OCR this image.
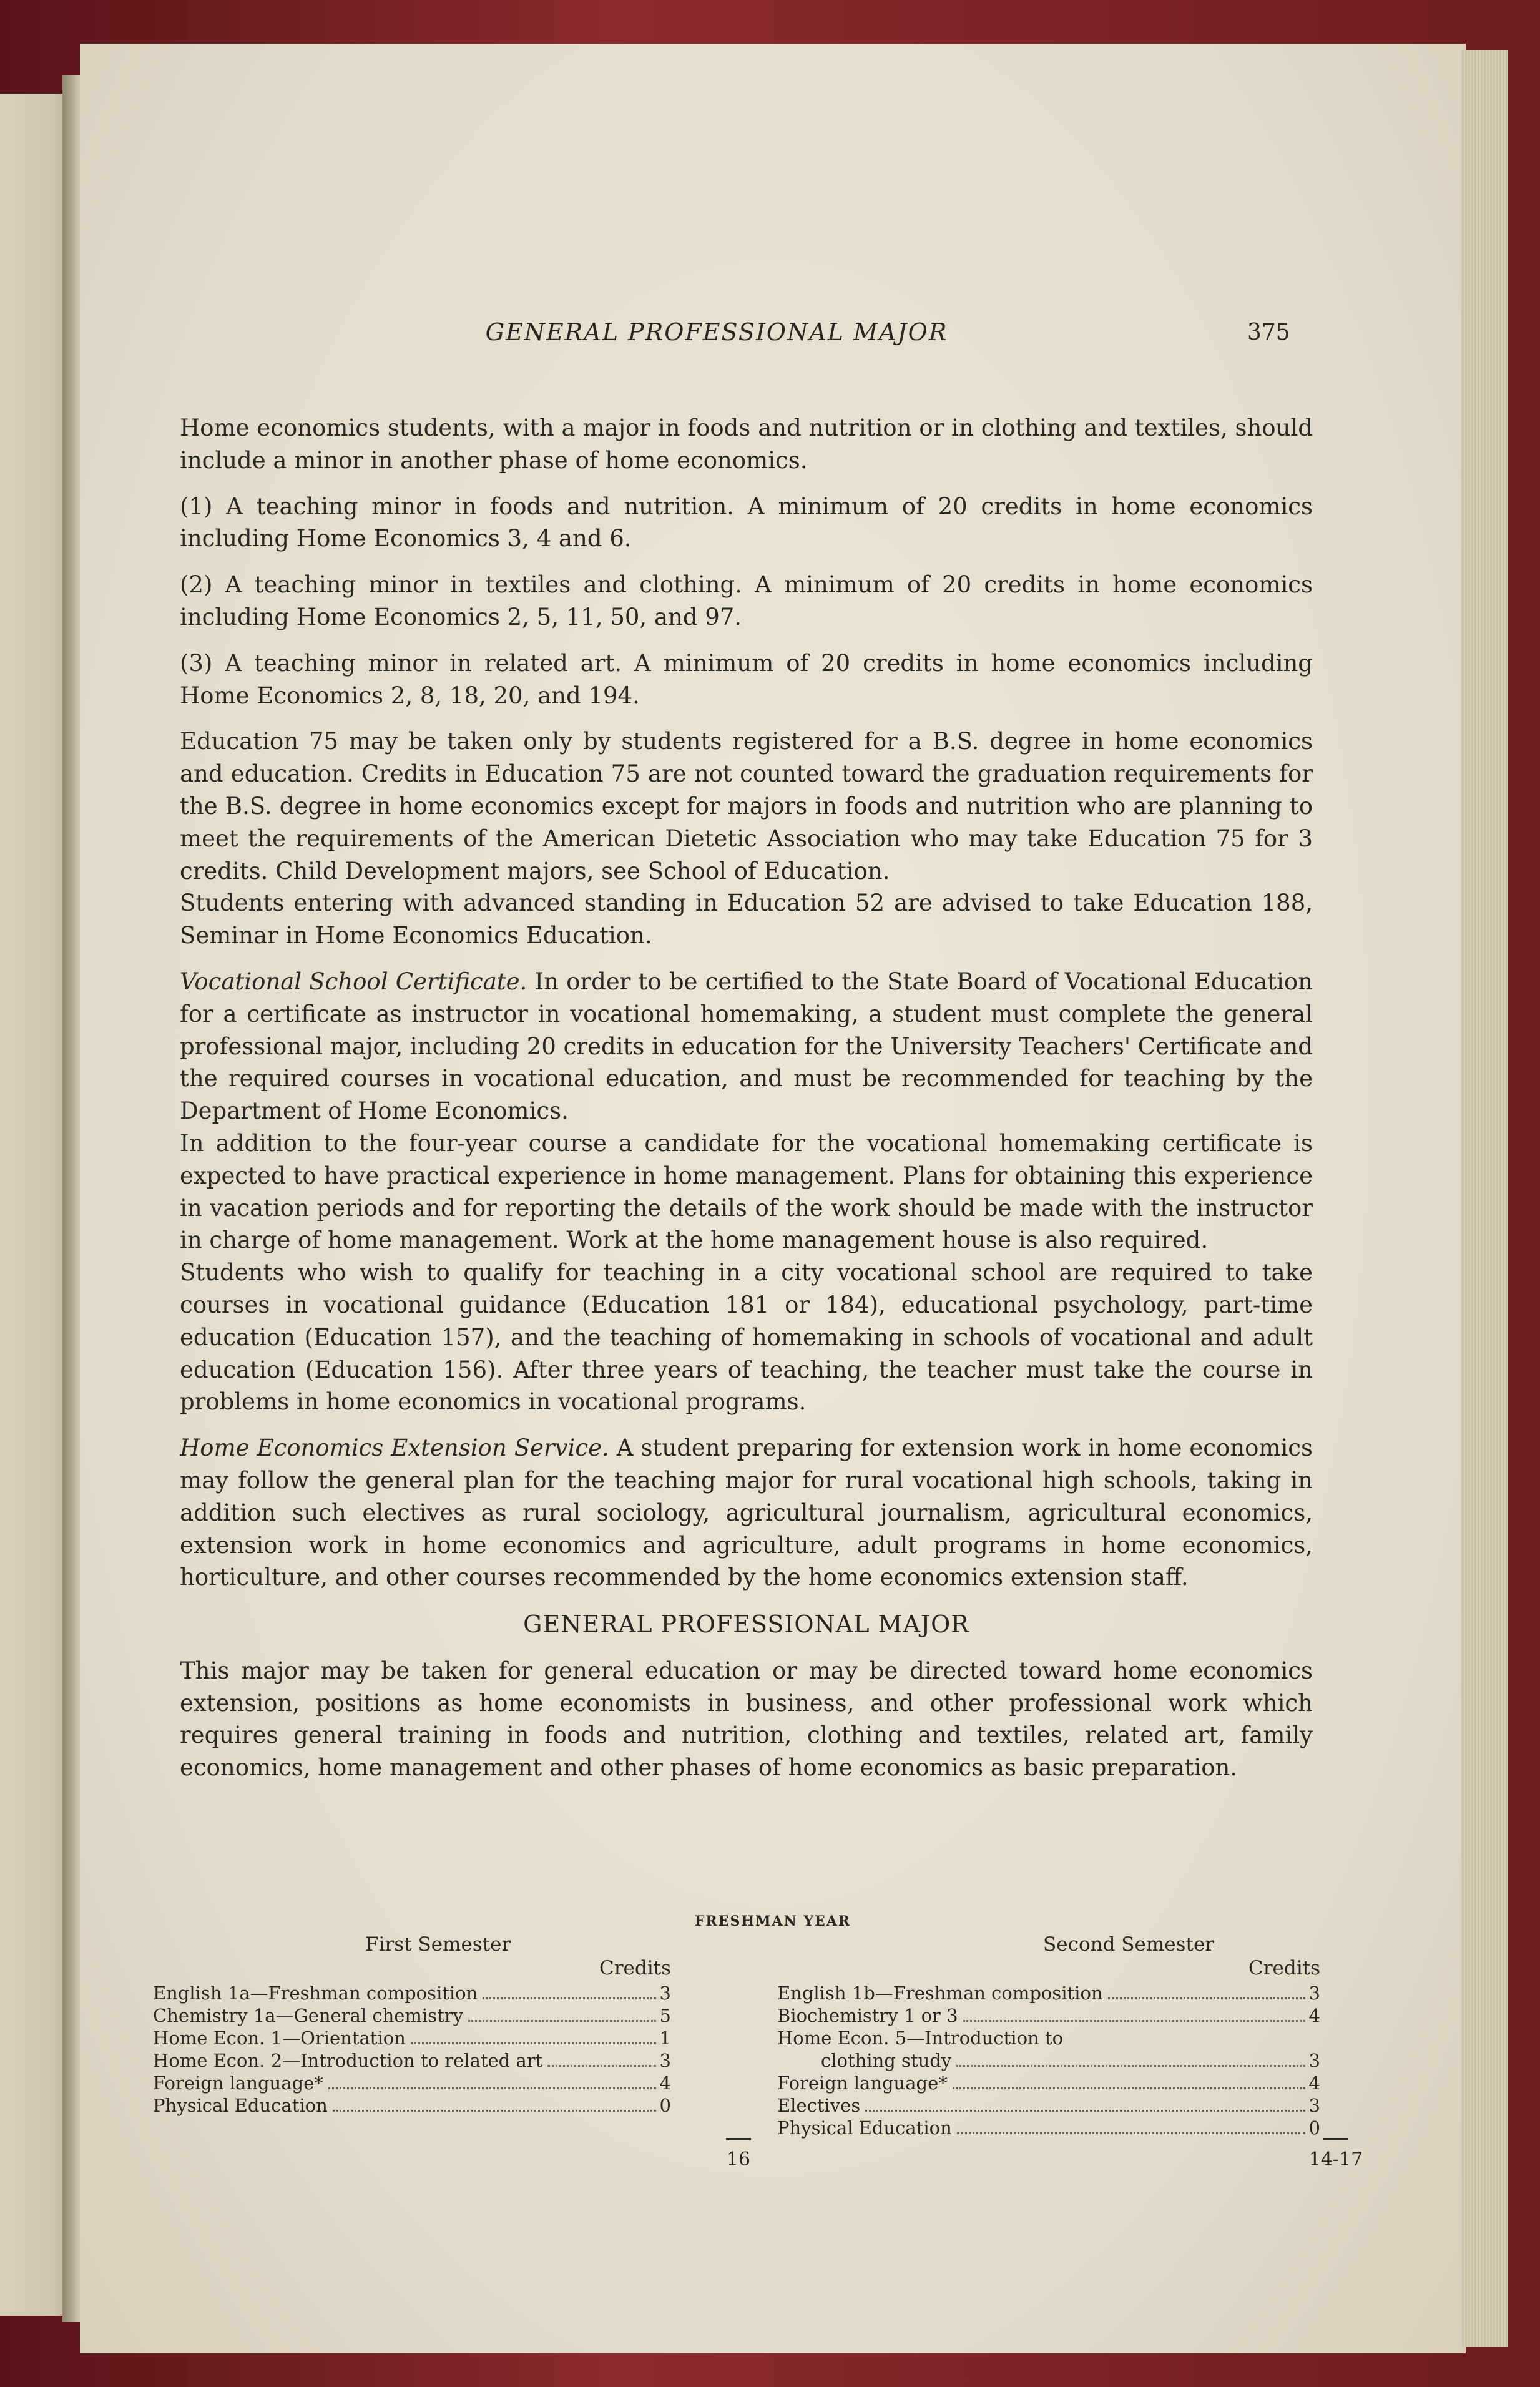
GENERAL PROFESSIONAL MAJOR	375

Home economics students, with a major in foods and nutrition or in clothing and textiles, should include a minor in another phase of home economics.

(1) A teaching minor in foods and nutrition. A minimum of 20 credits in home economics including Home Economics 3, 4 and 6.

(2) A teaching minor in textiles and clothing. A minimum of 20 credits in home economics including Home Economics 2, 5, 11, 50, and 97.

(3) A teaching minor in related art. A minimum of 20 credits in home economics including Home Economics 2, 8, 18, 20, and 194.

Education 75 may be taken only by students registered for a B.S. degree in home economics and education. Credits in Education 75 are not counted toward the graduation requirements for the B.S. degree in home economics except for majors in foods and nutrition who are planning to meet the requirements of the American Dietetic Association who may take Education 75 for 3 credits. Child Development majors, see School of Education.

Students entering with advanced standing in Education 52 are advised to take Education 188, Seminar in Home Economics Education.

Vocational School Certificate. In order to be certified to the State Board of Vocational Education for a certificate as instructor in vocational homemaking, a student must complete the general professional major, including 20 credits in education for the University Teachers' Certificate and the required courses in vocational education, and must be recommended for teaching by the Department of Home Economics.

In addition to the four-year course a candidate for the vocational homemaking certificate is expected to have practical experience in home management. Plans for obtaining this experience in vacation periods and for reporting the details of the work should be made with the instructor in charge of home management. Work at the home management house is also required.

Students who wish to qualify for teaching in a city vocational school are required to take courses in vocational guidance (Education 181 or 184), educational psychology, part-time education (Education 157), and the teaching of homemaking in schools of vocational and adult education (Education 156). After three years of teaching, the teacher must take the course in problems in home economics in vocational programs.

Home Economics Extension Service. A student preparing for extension work in home economics may follow the general plan for the teaching major for rural vocational high schools, taking in addition such electives as rural sociology, agricultural journalism, agricultural economics, extension work in home economics and agriculture, adult programs in home economics, horticulture, and other courses recommended by the home economics extension staff.

GENERAL PROFESSIONAL MAJOR

This major may be taken for general education or may be directed toward home economics extension, positions as home economists in business, and other professional work which requires general training in foods and nutrition, clothing and textiles, related art, family economics, home management and other phases of home economics as basic preparation.

FRESHMAN YEAR
First Semester
Credits
English 1a—Freshman composition	3
Chemistry 1a—General chemistry	5
Home Econ. 1—Orientation	1
Home Econ. 2—Introduction to related art	3
Foreign language*	4
Physical Education	0
Second Semester
Credits
English 1b—Freshman composition	3
Biochemistry 1 or 3	4
Home Econ. 5—Introduction to
clothing study	3
Foreign language*	4
Electives	3
Physical Education	0
16	14-17
